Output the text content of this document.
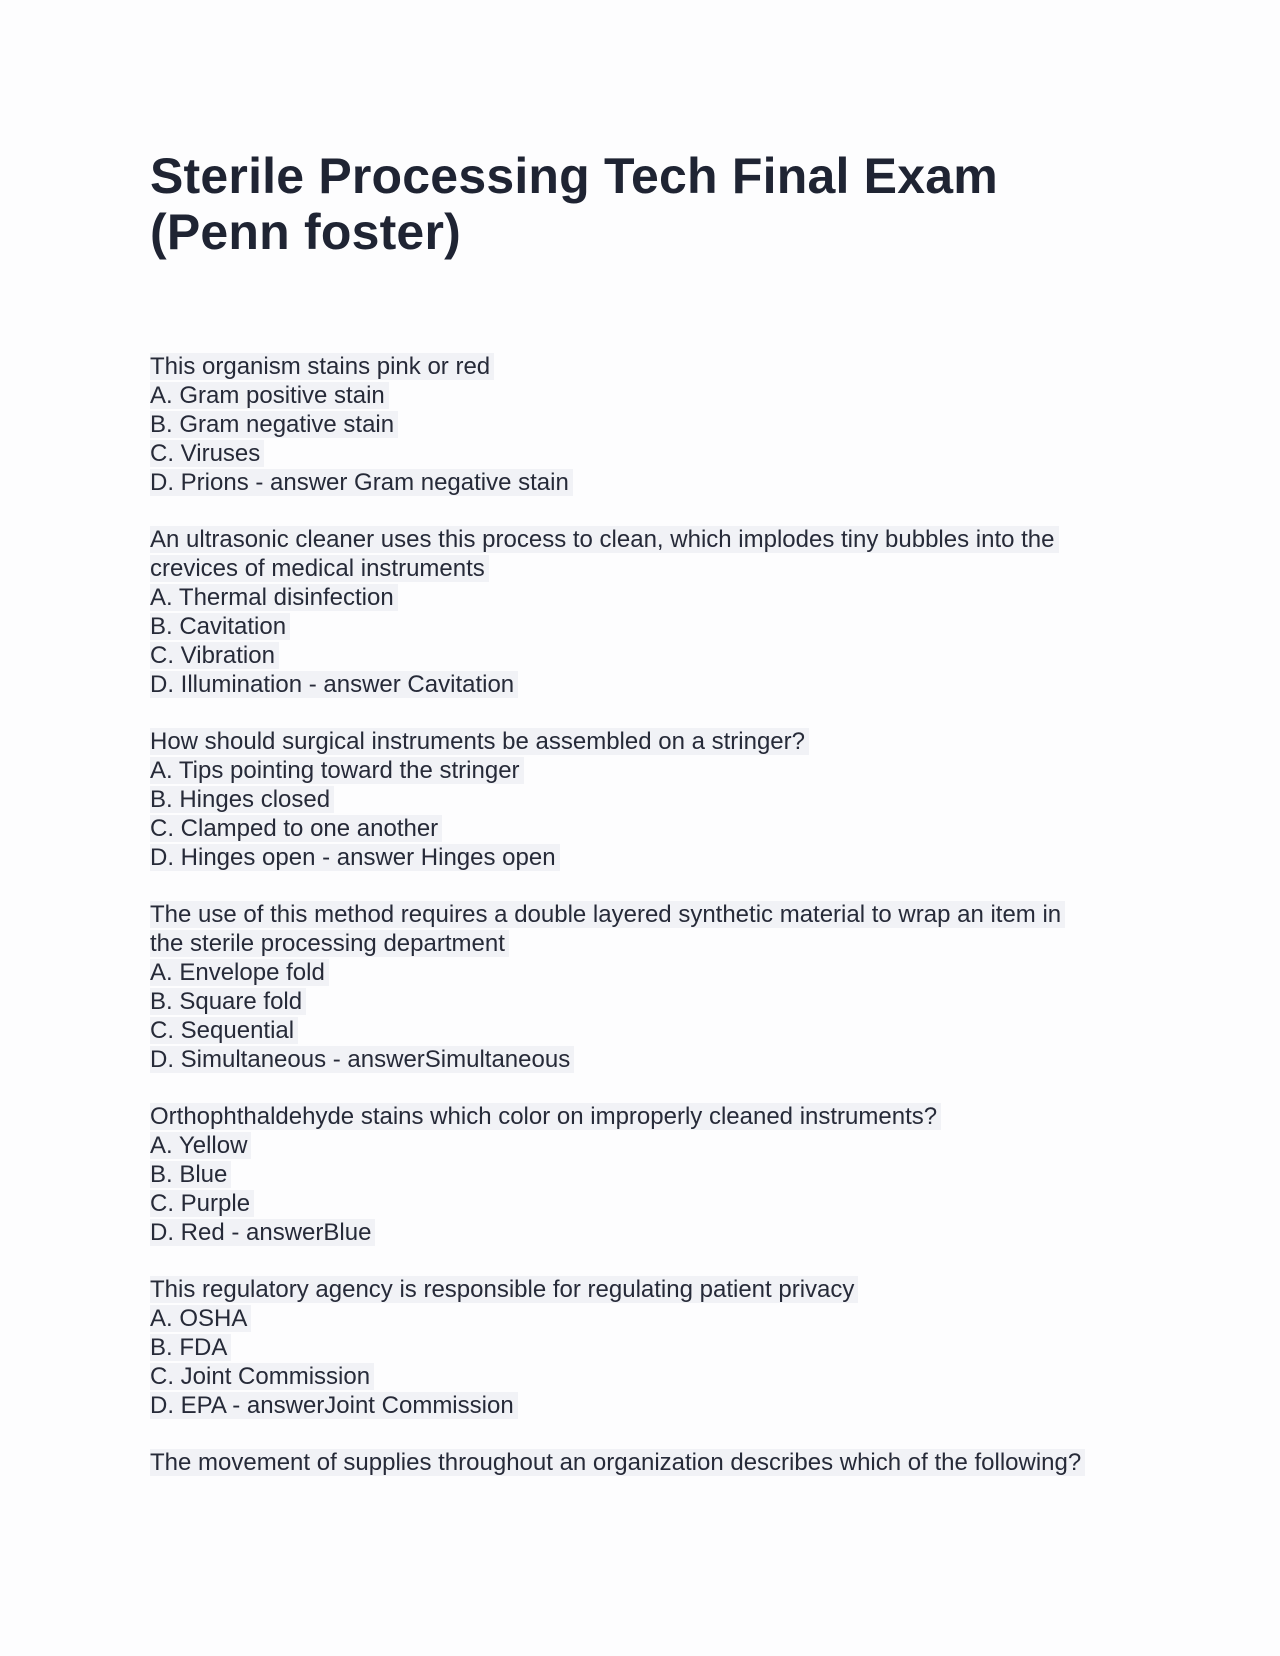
Sterile Processing Tech Final Exam
(Penn foster)
This organism stains pink or red
A. Gram positive stain
B. Gram negative stain
C. Viruses
D. Prions - answer Gram negative stain
An ultrasonic cleaner uses this process to clean, which implodes tiny bubbles into the
crevices of medical instruments
A. Thermal disinfection
B. Cavitation
C. Vibration
D. Illumination - answer Cavitation
How should surgical instruments be assembled on a stringer?
A. Tips pointing toward the stringer
B. Hinges closed
C. Clamped to one another
D. Hinges open - answer Hinges open
The use of this method requires a double layered synthetic material to wrap an item in
the sterile processing department
A. Envelope fold
B. Square fold
C. Sequential
D. Simultaneous - answerSimultaneous
Orthophthaldehyde stains which color on improperly cleaned instruments?
A. Yellow
B. Blue
C. Purple
D. Red - answerBlue
This regulatory agency is responsible for regulating patient privacy
A. OSHA
B. FDA
C. Joint Commission
D. EPA - answerJoint Commission
The movement of supplies throughout an organization describes which of the following?
